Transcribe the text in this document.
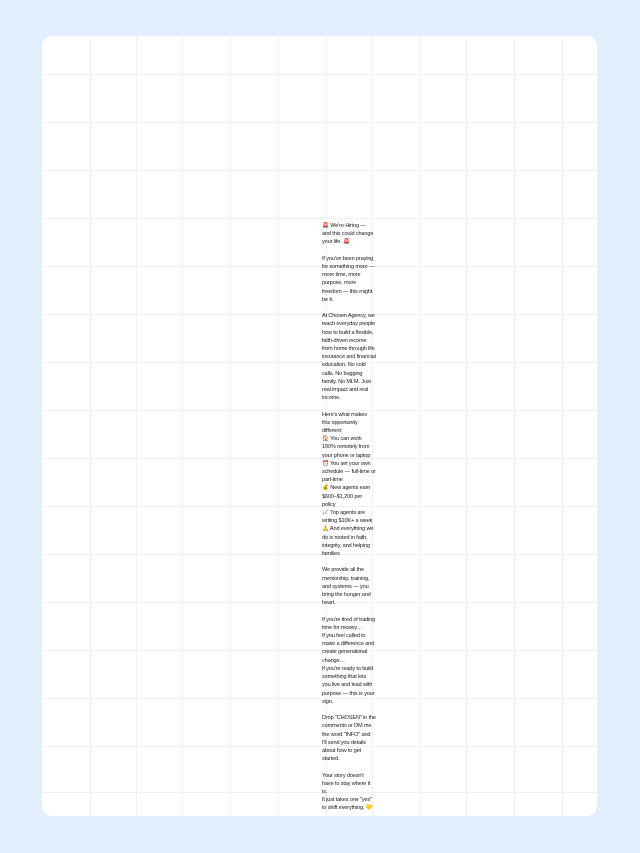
🚨 We're Hiring — and this could change your life. 🚨

If you've been praying for something more — more time, more purpose, more freedom — this might be it.

At Chosen Agency, we teach everyday people how to build a flexible, faith-driven income from home through life insurance and financial education. No cold calls. No bugging family. No MLM. Just real impact and real income.

Here's what makes this opportunity different:
🏠 You can work 100% remotely from your phone or laptop
⏰ You set your own schedule — full-time or part-time
💰 New agents earn $600–$1,200 per policy
📈 Top agents are writing $10K+ a week
🙏 And everything we do is rooted in faith, integrity, and helping families

We provide all the mentorship, training, and systems — you bring the hunger and heart.

If you're tired of trading time for money…
If you feel called to make a difference and create generational change…
If you're ready to build something that lets you live and lead with purpose — this is your sign.

Drop "CHOSEN" in the comments or DM me the word "INFO" and I'll send you details about how to get started.

Your story doesn't have to stay where it is.
It just takes one "yes" to shift everything. 💛
